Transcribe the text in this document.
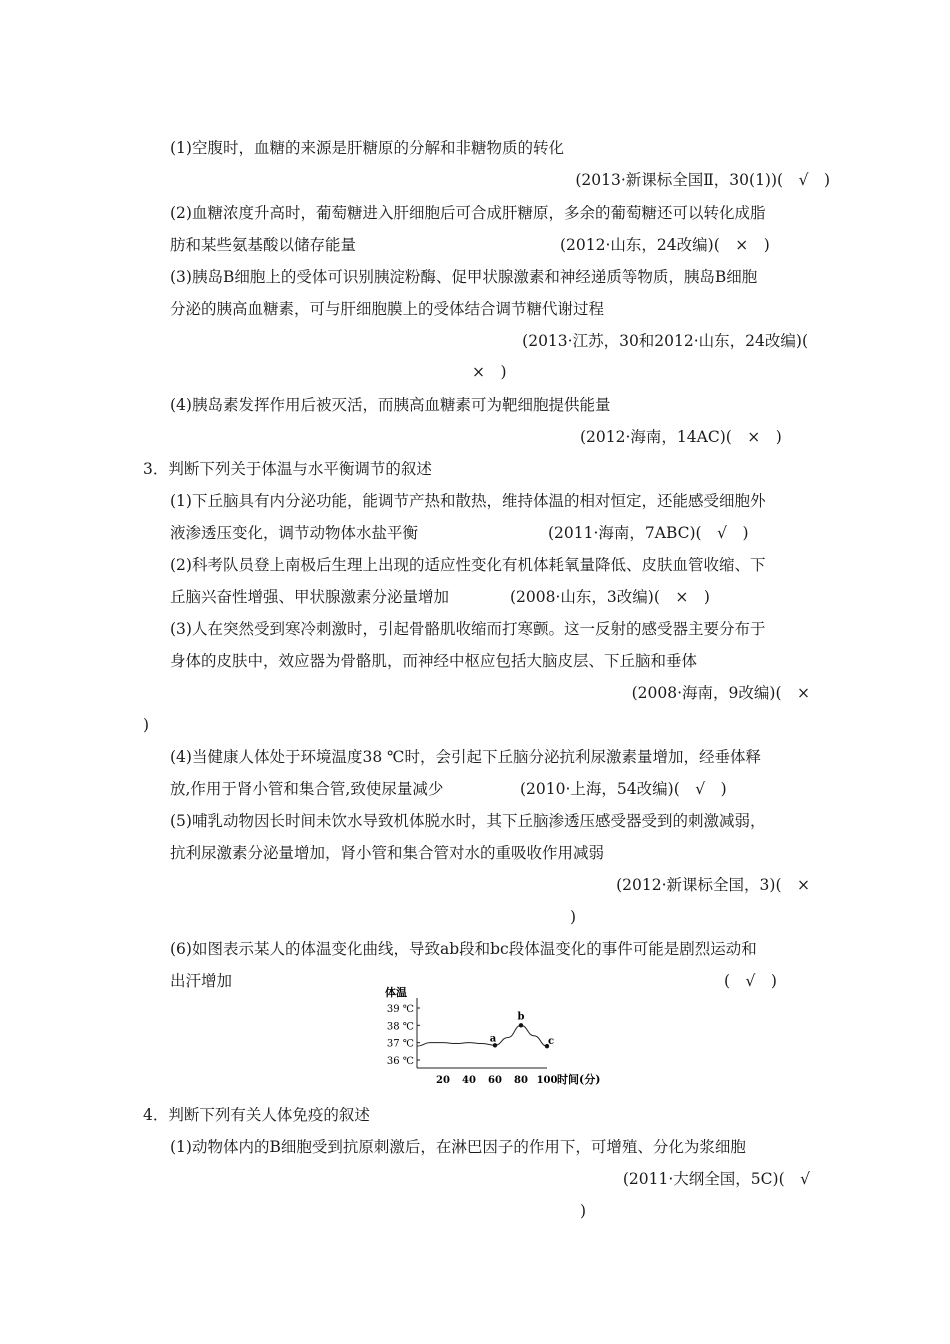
(1)空腹时，血糖的来源是肝糖原的分解和非糖物质的转化
(2013·新课标全国Ⅱ，30(1))(　√　)
(2)血糖浓度升高时，葡萄糖进入肝细胞后可合成肝糖原，多余的葡萄糖还可以转化成脂
肪和某些氨基酸以储存能量	(2012·山东，24改编)(　×　)
(3)胰岛B细胞上的受体可识别胰淀粉酶、促甲状腺激素和神经递质等物质，胰岛B细胞
分泌的胰高血糖素，可与肝细胞膜上的受体结合调节糖代谢过程
(2013·江苏，30和2012·山东，24改编)(
×　)
(4)胰岛素发挥作用后被灭活，而胰高血糖素可为靶细胞提供能量
(2012·海南，14AC)(　×　)
3．判断下列关于体温与水平衡调节的叙述
(1)下丘脑具有内分泌功能，能调节产热和散热，维持体温的相对恒定，还能感受细胞外
液渗透压变化，调节动物体水盐平衡	(2011·海南，7ABC)(　√　)
(2)科考队员登上南极后生理上出现的适应性变化有机体耗氧量降低、皮肤血管收缩、下
丘脑兴奋性增强、甲状腺激素分泌量增加	(2008·山东，3改编)(　×　)
(3)人在突然受到寒冷刺激时，引起骨骼肌收缩而打寒颤。这一反射的感受器主要分布于
身体的皮肤中，效应器为骨骼肌，而神经中枢应包括大脑皮层、下丘脑和垂体
(2008·海南，9改编)(　×
)
(4)当健康人体处于环境温度38 ℃时，会引起下丘脑分泌抗利尿激素量增加，经垂体释
放,作用于肾小管和集合管,致使尿量减少	(2010·上海，54改编)(　√　)
(5)哺乳动物因长时间未饮水导致机体脱水时，其下丘脑渗透压感受器受到的刺激减弱，
抗利尿激素分泌量增加，肾小管和集合管对水的重吸收作用减弱
(2012·新课标全国，3)(　×
)
(6)如图表示某人的体温变化曲线，导致ab段和bc段体温变化的事件可能是剧烈运动和
出汗增加	(　√　)
体温
36 ℃
37 ℃
38 ℃
39 ℃
20 40 60 80 100
a
b
c
时间(分)
4．判断下列有关人体免疫的叙述
(1)动物体内的B细胞受到抗原刺激后，在淋巴因子的作用下，可增殖、分化为浆细胞
(2011·大纲全国，5C)(　√
)
